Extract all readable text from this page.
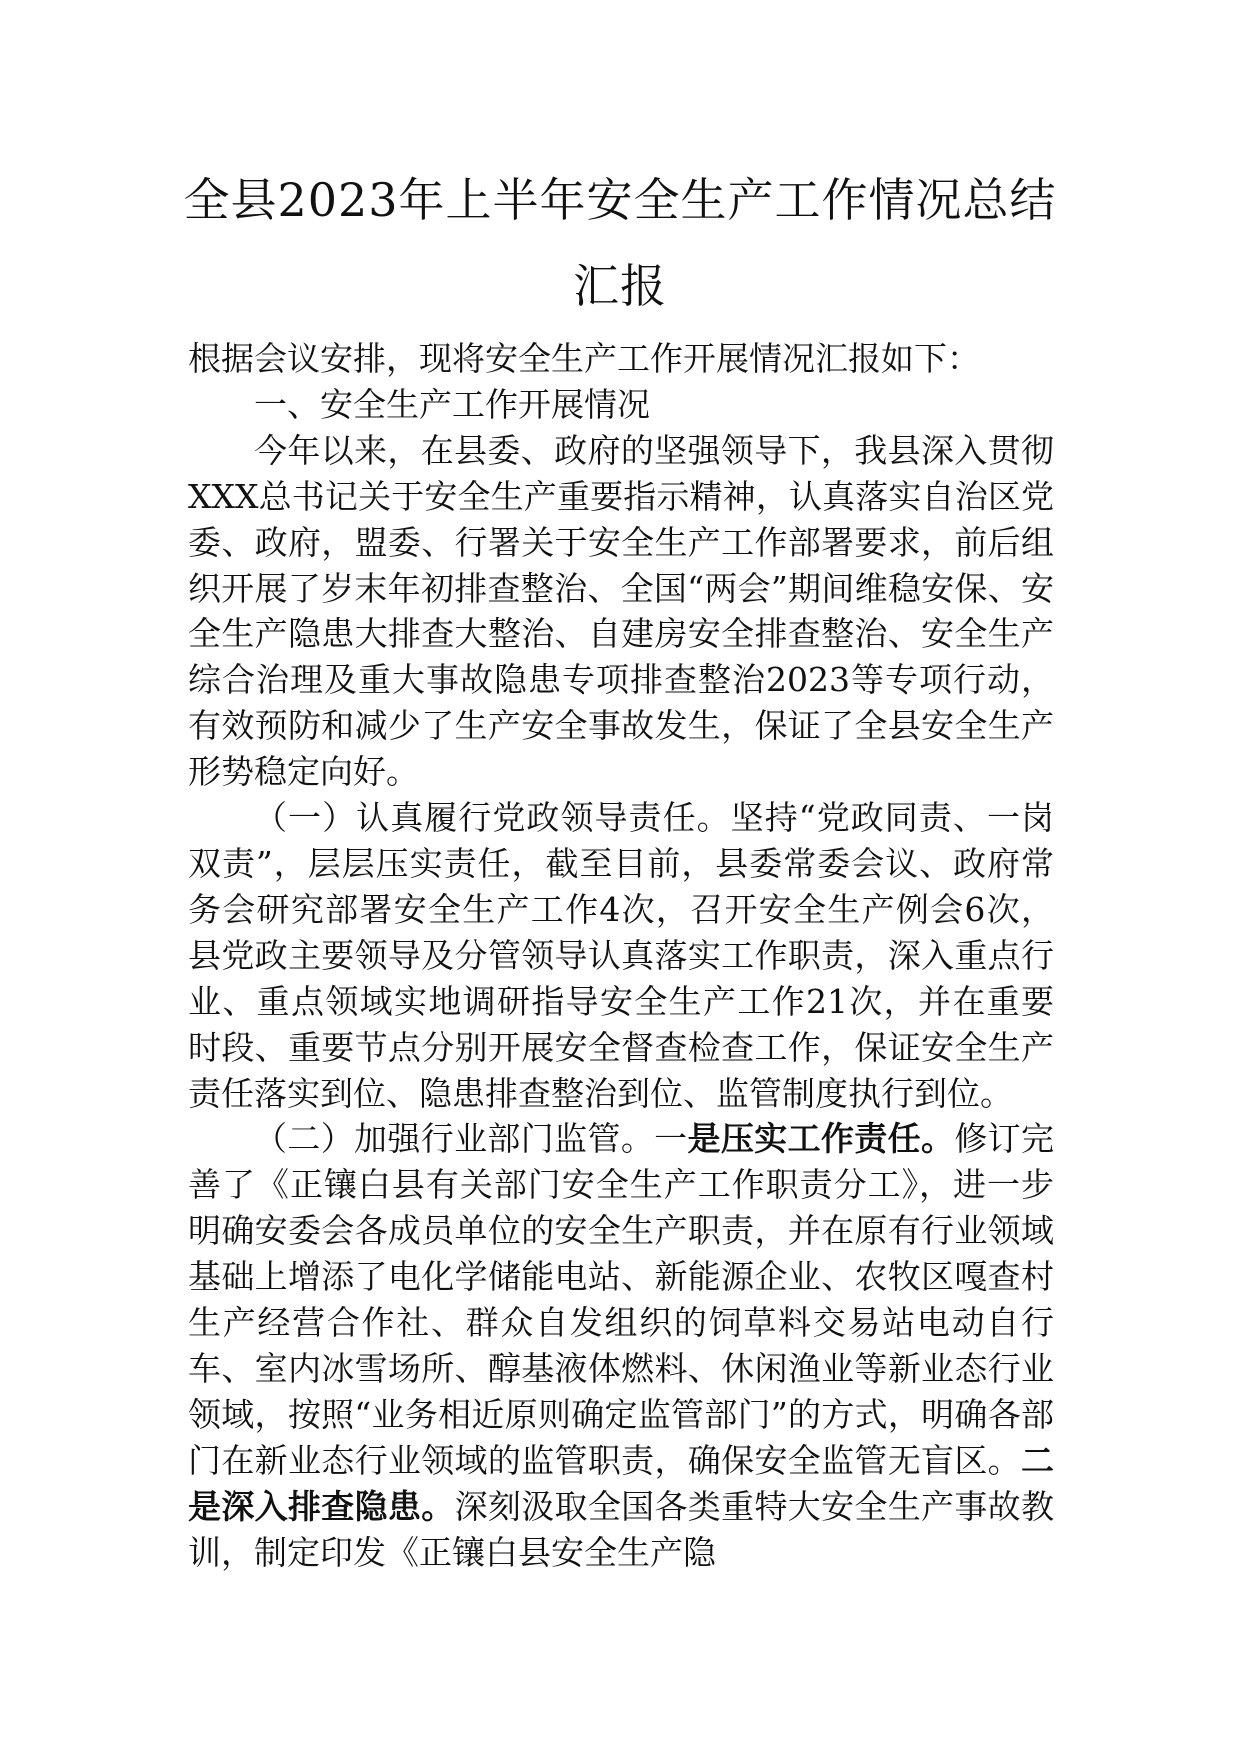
全县2023年上半年安全生产工作情况总结
汇报

根据会议安排，现将安全生产工作开展情况汇报如下：

一、安全生产工作开展情况

今年以来，在县委、政府的坚强领导下，我县深入贯彻XXX总书记关于安全生产重要指示精神，认真落实自治区党委、政府，盟委、行署关于安全生产工作部署要求，前后组织开展了岁末年初排查整治、全国“两会”期间维稳安保、安全生产隐患大排查大整治、自建房安全排查整治、安全生产综合治理及重大事故隐患专项排查整治2023等专项行动，有效预防和减少了生产安全事故发生，保证了全县安全生产形势稳定向好。

（一）认真履行党政领导责任。坚持“党政同责、一岗双责”，层层压实责任，截至目前，县委常委会议、政府常务会研究部署安全生产工作4次，召开安全生产例会6次，县党政主要领导及分管领导认真落实工作职责，深入重点行业、重点领域实地调研指导安全生产工作21次，并在重要时段、重要节点分别开展安全督查检查工作，保证安全生产责任落实到位、隐患排查整治到位、监管制度执行到位。

（二）加强行业部门监管。一是压实工作责任。修订完善了《正镶白县有关部门安全生产工作职责分工》，进一步明确安委会各成员单位的安全生产职责，并在原有行业领域基础上增添了电化学储能电站、新能源企业、农牧区嘎查村生产经营合作社、群众自发组织的饲草料交易站电动自行车、室内冰雪场所、醇基液体燃料、休闲渔业等新业态行业领域，按照“业务相近原则确定监管部门”的方式，明确各部门在新业态行业领域的监管职责，确保安全监管无盲区。二是深入排查隐患。深刻汲取全国各类重特大安全生产事故教训，制定印发《正镶白县安全生产隐
